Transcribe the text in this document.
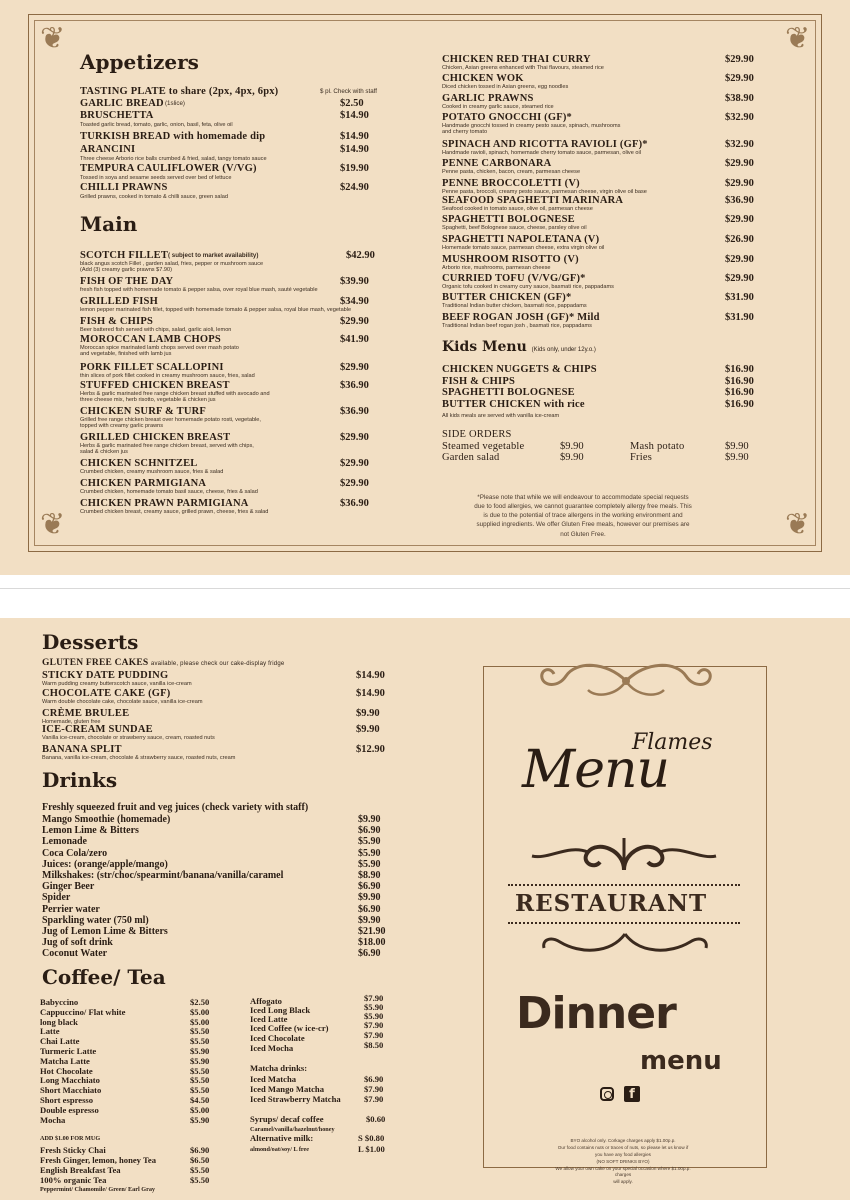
❦	❦
❦	❦
Appetizers
TASTING PLATE to share (2px, 4px, 6px)	$ pl. Check with staff
GARLIC BREAD (1slice)	$2.50
BRUSCHETTA
Toasted garlic bread, tomato, garlic, onion, basil, feta, olive oil
$14.90
TURKISH BREAD with homemade dip	$14.90
ARANCINI
Three cheese Arborio rice balls crumbed & fried, salad, tangy tomato sauce
$14.90
TEMPURA CAULIFLOWER (V/VG)
Tossed in soya and sesame seeds served over bed of lettuce
$19.90
CHILLI PRAWNS
Grilled prawns, cooked in tomato & chilli sauce, green salad
$24.90
Main
SCOTCH FILLET ( subject to market availability)
black angus scotch Fillet , garden salad, fries, pepper or mushroom sauce
(Add (3) creamy garlic prawns $7.90)
$42.90
FISH OF THE DAY
fresh fish topped with homemade tomato & pepper salsa, over royal blue mash, sauté vegetable
$39.90
GRILLED FISH
lemon pepper marinated fish fillet, topped with homemade tomato & pepper salsa, royal blue mash, vegetable
$34.90
FISH & CHIPS
Beer battered fish served with chips, salad, garlic aioli, lemon
$29.90
MOROCCAN LAMB CHOPS
Moroccan spice marinated lamb chops served over mash potato
and vegetable, finished with lamb jus
$41.90
PORK FILLET SCALLOPINI
thin slices of pork fillet cooked in creamy mushroom sauce, fries, salad
$29.90
STUFFED CHICKEN BREAST
Herbs & garlic marinated free range chicken breast stuffed with avocado and
three cheese mix, herb risotto, vegetable & chicken jus
$36.90
CHICKEN SURF & TURF
Grilled free range chicken breast over homemade potato rosti, vegetable,
topped with creamy garlic prawns
$36.90
GRILLED CHICKEN BREAST
Herbs & garlic marinated free range chicken breast, served with chips,
salad & chicken jus
$29.90
CHICKEN SCHNITZEL
Crumbed chicken, creamy mushroom sauce, fries & salad
$29.90
CHICKEN PARMIGIANA
Crumbed chicken, homemade tomato basil sauce, cheese, fries & salad
$29.90
CHICKEN PRAWN PARMIGIANA
Crumbed chicken breast, creamy sauce, grilled prawn, cheese, fries & salad
$36.90
CHICKEN RED THAI CURRY
Chicken, Asian greens enhanced with Thai flavours, steamed rice
$29.90
CHICKEN WOK
Diced chicken tossed in Asian greens, egg noodles
$29.90
GARLIC PRAWNS
Cooked in creamy garlic sauce, steamed rice
$38.90
POTATO GNOCCHI (GF)*
Handmade gnocchi tossed in creamy pesto sauce, spinach, mushrooms
and cherry tomato
$32.90
SPINACH AND RICOTTA RAVIOLI (GF)*
Handmade ravioli, spinach, homemade cherry tomato sauce, parmesan, olive oil
$32.90
PENNE CARBONARA
Penne pasta, chicken, bacon, cream, parmesan cheese
$29.90
PENNE BROCCOLETTI (V)
Penne pasta, broccoli, creamy pesto sauce, parmesan cheese, virgin olive oil base
$29.90
SEAFOOD SPAGHETTI MARINARA
Seafood cooked in tomato sauce, olive oil, parmesan cheese
$36.90
SPAGHETTI BOLOGNESE
Spaghetti, beef Bolognese sauce, cheese, parsley olive oil
$29.90
SPAGHETTI NAPOLETANA (V)
Homemade tomato sauce, parmesan cheese, extra virgin olive oil
$26.90
MUSHROOM RISOTTO (V)
Arborio rice, mushrooms, parmesan cheese
$29.90
CURRIED TOFU (V/VG/GF)*
Organic tofu cooked in creamy curry sauce, basmati rice, pappadams
$29.90
BUTTER CHICKEN (GF)*
Traditional Indian butter chicken, basmati rice, pappadams
$31.90
BEEF ROGAN JOSH (GF)* Mild
Traditional Indian beef rogan josh , basmati rice, pappadams
$31.90
Kids Menu (Kids only, under 12y.o.)
CHICKEN NUGGETS & CHIPS	$16.90
FISH & CHIPS	$16.90
SPAGHETTI BOLOGNESE	$16.90
BUTTER CHICKEN with rice	$16.90
All kids meals are served with vanilla ice-cream
SIDE ORDERS
Steamed vegetable	$9.90
Garden salad	$9.90
Mash potato	$9.90
Fries	$9.90
*Please note that while we will endeavour to accommodate special requests
due to food allergies, we cannot guarantee completely allergy free meals. This
is due to the potential of trace allergens in the working environment and
supplied ingredients. We offer Gluten Free meals, however our premises are
not Gluten Free.
Desserts
GLUTEN FREE CAKES available, please check our cake-display fridge
STICKY DATE PUDDING
Warm pudding creamy butterscotch sauce, vanilla ice-cream
$14.90
CHOCOLATE CAKE (GF)
Warm double chocolate cake, chocolate sauce, vanilla ice-cream
$14.90
CRÈME BRULEE
Homemade, gluten free
$9.90
ICE-CREAM SUNDAE
Vanilla ice-cream, chocolate or strawberry sauce, cream, roasted nuts
$9.90
BANANA SPLIT
Banana, vanilla ice-cream, chocolate & strawberry sauce, roasted nuts, cream
$12.90
Drinks
Freshly squeezed fruit and veg juices (check variety with staff)
Mango Smoothie (homemade)	$9.90
Lemon Lime & Bitters	$6.90
Lemonade	$5.90
Coca Cola/zero	$5.90
Juices: (orange/apple/mango)	$5.90
Milkshakes: (str/choc/spearmint/banana/vanilla/caramel	$8.90
Ginger Beer	$6.90
Spider	$9.90
Perrier water	$6.90
Sparkling water (750 ml)	$9.90
Jug of Lemon Lime & Bitters	$21.90
Jug of soft drink	$18.00
Coconut Water	$6.90
Coffee/ Tea
Babyccino	$2.50
Cappuccino/ Flat white	$5.00
long black	$5.00
Latte	$5.50
Chai Latte	$5.50
Turmeric Latte	$5.90
Matcha Latte	$5.90
Hot Chocolate	$5.50
Long Macchiato	$5.50
Short Macchiato	$5.50
Short espresso	$4.50
Double espresso	$5.00
Mocha	$5.90
ADD $1.00 FOR MUG
Fresh Sticky Chai	$6.90
Fresh Ginger, lemon, honey Tea	$6.50
English Breakfast Tea	$5.50
100% organic Tea	$5.50
Peppermint/ Chamomile/ Green/ Earl Gray
Affogato	$7.90
Iced Long Black	$5.90
Iced Latte	$5.90
Iced Coffee (w ice-cr)	$7.90
Iced Chocolate	$7.90
Iced Mocha	$8.50
Matcha drinks:
Iced Matcha	$6.90
Iced Mango Matcha	$7.90
Iced Strawberry Matcha	$7.90
Syrups/ decaf coffee	$0.60
Caramel/vanilla/hazelnut/honey
Alternative milk:	S $0.80
almond/oat/soy/ L free	L $1.00
Flames
Menu
RESTAURANT
Dinner
menu
f
BYO alcohol only. Corkage charges apply $1.00p.p.
Our food contains nuts or traces of nuts, so please let us know if
you have any food allergies
(NO SOFT DRINKS BYO)
We allow your own cake on your special occasion where $1.00p.p. charges
will apply.
